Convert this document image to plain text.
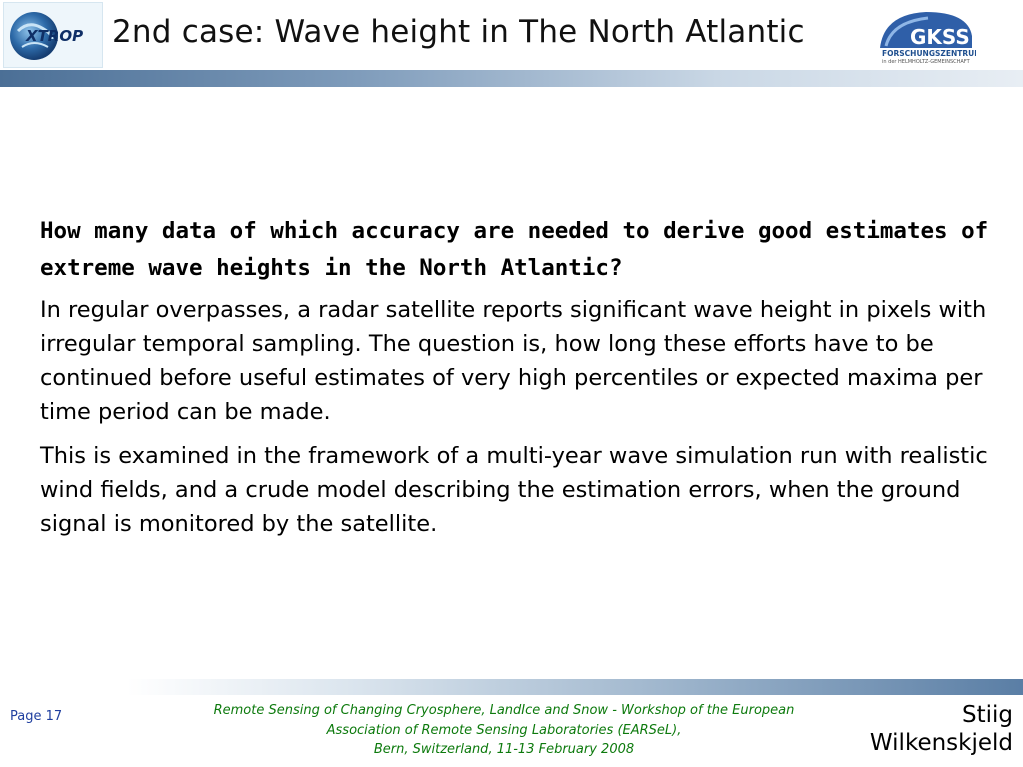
XTROP 2nd case: Wave height in The North Atlantic	GKSS
FORSCHUNGSZENTRUM
in der HELMHOLTZ-GEMEINSCHAFT

How many data of which accuracy are needed to derive good estimates of extreme wave heights in the North Atlantic?

In regular overpasses, a radar satellite reports significant wave height in pixels with irregular temporal sampling. The question is, how long these efforts have to be continued before useful estimates of very high percentiles or expected maxima per time period can be made.

This is examined in the framework of a multi-year wave simulation run with realistic wind fields, and a crude model describing the estimation errors, when the ground signal is monitored by the satellite.

Page 17	Remote Sensing of Changing Cryosphere, LandIce and Snow - Workshop of the European
Association of Remote Sensing Laboratories (EARSeL),
Bern, Switzerland, 11-13 February 2008
Stiig
Wilkenskjeld
